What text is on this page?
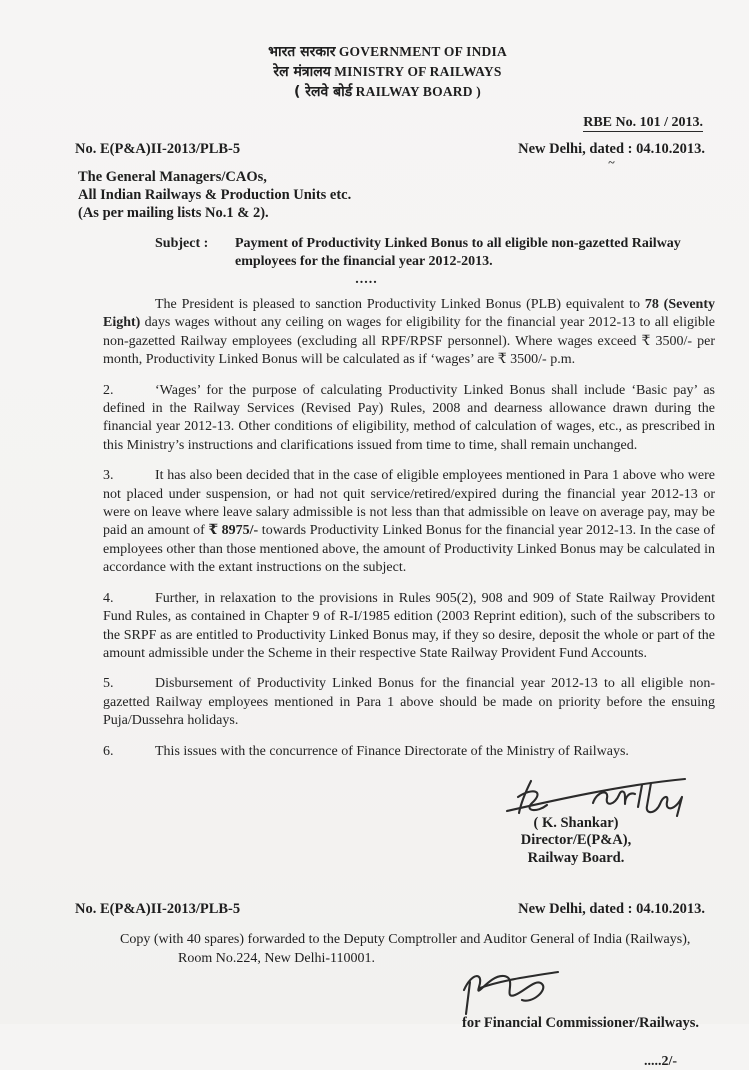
भारत सरकार GOVERNMENT OF INDIA
रेल मंत्रालय MINISTRY OF RAILWAYS
( रेलवे बोर्ड RAILWAY BOARD )
RBE No. 101 / 2013.
No. E(P&A)II-2013/PLB-5	New Delhi, dated : 04.10.2013.
~
The General Managers/CAOs,
All Indian Railways & Production Units etc.
(As per mailing lists No.1 & 2).
Subject :	Payment of Productivity Linked Bonus to all eligible non-gazetted Railway employees for the financial year 2012-2013.
.....

The President is pleased to sanction Productivity Linked Bonus (PLB) equivalent to 78 (Seventy Eight) days wages without any ceiling on wages for eligibility for the financial year 2012-13 to all eligible non-gazetted Railway employees (excluding all RPF/RPSF personnel). Where wages exceed ₹ 3500/- per month, Productivity Linked Bonus will be calculated as if ‘wages’ are ₹ 3500/- p.m.

2.	‘Wages’ for the purpose of calculating Productivity Linked Bonus shall include ‘Basic pay’ as defined in the Railway Services (Revised Pay) Rules, 2008 and dearness allowance drawn during the financial year 2012-13. Other conditions of eligibility, method of calculation of wages, etc., as prescribed in this Ministry’s instructions and clarifications issued from time to time, shall remain unchanged.

3.	It has also been decided that in the case of eligible employees mentioned in Para 1 above who were not placed under suspension, or had not quit service/retired/expired during the financial year 2012-13 or were on leave where leave salary admissible is not less than that admissible on leave on average pay, may be paid an amount of ₹ 8975/- towards Productivity Linked Bonus for the financial year 2012-13. In the case of employees other than those mentioned above, the amount of Productivity Linked Bonus may be calculated in accordance with the extant instructions on the subject.

4.	Further, in relaxation to the provisions in Rules 905(2), 908 and 909 of State Railway Provident Fund Rules, as contained in Chapter 9 of R-I/1985 edition (2003 Reprint edition), such of the subscribers to the SRPF as are entitled to Productivity Linked Bonus may, if they so desire, deposit the whole or part of the amount admissible under the Scheme in their respective State Railway Provident Fund Accounts.

5.	Disbursement of Productivity Linked Bonus for the financial year 2012-13 to all eligible non-gazetted Railway employees mentioned in Para 1 above should be made on priority before the ensuing Puja/Dussehra holidays.

6.	This issues with the concurrence of Finance Directorate of the Ministry of Railways.

( K. Shankar)
Director/E(P&A),
Railway Board.
No. E(P&A)II-2013/PLB-5	New Delhi, dated : 04.10.2013.
Copy (with 40 spares) forwarded to the Deputy Comptroller and Auditor General of India (Railways),
Room No.224, New Delhi-110001.
for Financial Commissioner/Railways.
.....2/-
